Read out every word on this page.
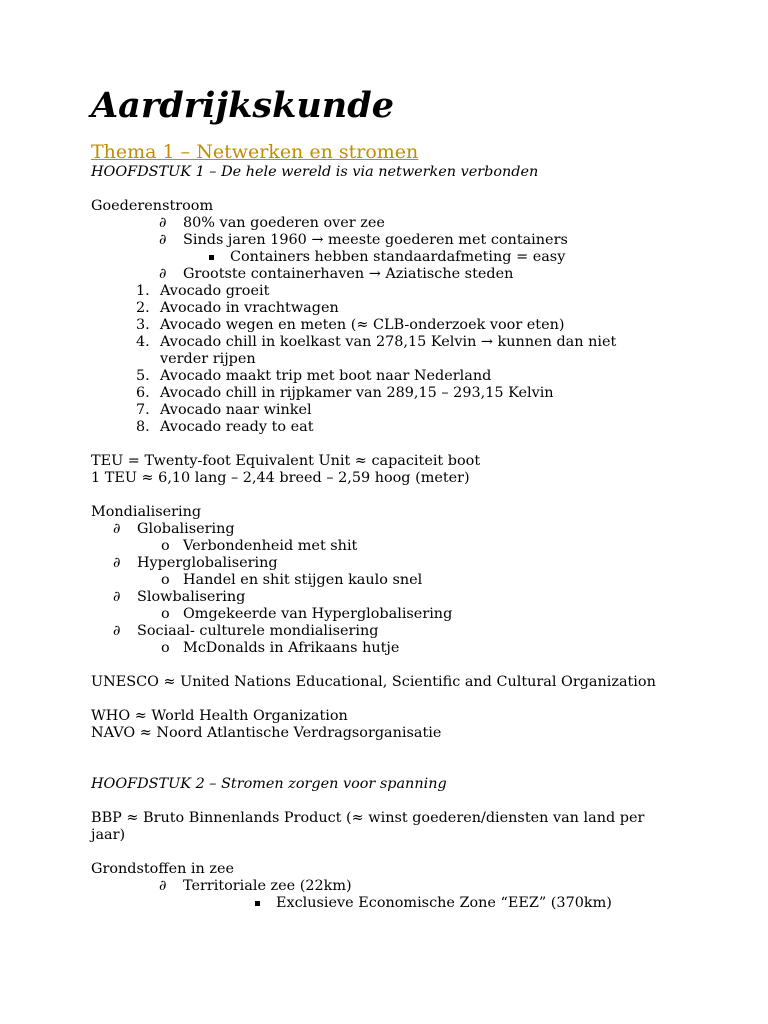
Aardrijkskunde
Thema 1 – Netwerken en stromen
HOOFDSTUK 1 – De hele wereld is via netwerken verbonden
Goederenstroom
∂ 80% van goederen over zee
∂ Sinds jaren 1960 → meeste goederen met containers
Containers hebben standaardafmeting = easy
∂ Grootste containerhaven → Aziatische steden
1. Avocado groeit
2. Avocado in vrachtwagen
3. Avocado wegen en meten (≈ CLB-onderzoek voor eten)
4. Avocado chill in koelkast van 278,15 Kelvin → kunnen dan niet verder rijpen
5. Avocado maakt trip met boot naar Nederland
6. Avocado chill in rijpkamer van 289,15 – 293,15 Kelvin
7. Avocado naar winkel
8. Avocado ready to eat
TEU = Twenty-foot Equivalent Unit ≈ capaciteit boot
1 TEU ≈ 6,10 lang – 2,44 breed – 2,59 hoog (meter)
Mondialisering
∂ Globalisering
o Verbondenheid met shit
∂ Hyperglobalisering
o Handel en shit stijgen kaulo snel
∂ Slowbalisering
o Omgekeerde van Hyperglobalisering
∂ Sociaal- culturele mondialisering
o McDonalds in Afrikaans hutje
UNESCO ≈ United Nations Educational, Scientific and Cultural Organization
WHO ≈ World Health Organization
NAVO ≈ Noord Atlantische Verdragsorganisatie
HOOFDSTUK 2 – Stromen zorgen voor spanning
BBP ≈ Bruto Binnenlands Product (≈ winst goederen/diensten van land per jaar)
Grondstoffen in zee
∂ Territoriale zee (22km)
Exclusieve Economische Zone “EEZ” (370km)
